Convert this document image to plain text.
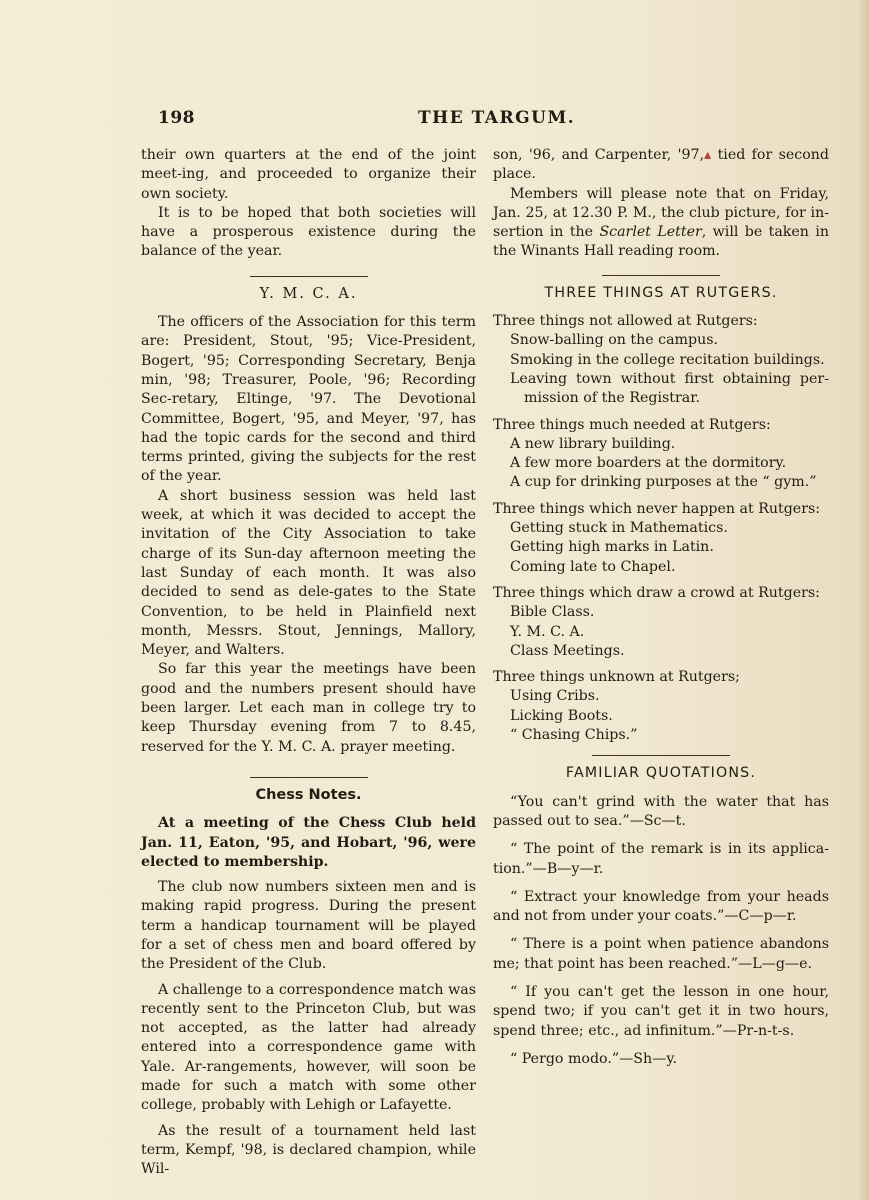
198	THE TARGUM.

their own quarters at the end of the joint meet-ing, and proceeded to organize their own society.

It is to be hoped that both societies will have a prosperous existence during the balance of the year.

Y. M. C. A.

The officers of the Association for this term are: President, Stout, '95; Vice-President, Bogert, '95; Corresponding Secretary, Benja min, '98; Treasurer, Poole, '96; Recording Sec-retary, Eltinge, '97. The Devotional Committee, Bogert, '95, and Meyer, '97, has had the topic cards for the second and third terms printed, giving the subjects for the rest of the year.

A short business session was held last week, at which it was decided to accept the invitation of the City Association to take charge of its Sun-day afternoon meeting the last Sunday of each month. It was also decided to send as dele-gates to the State Convention, to be held in Plainfield next month, Messrs. Stout, Jennings, Mallory, Meyer, and Walters.

So far this year the meetings have been good and the numbers present should have been larger. Let each man in college try to keep Thursday evening from 7 to 8.45, reserved for the Y. M. C. A. prayer meeting.

Chess Notes.

At a meeting of the Chess Club held Jan. 11, Eaton, '95, and Hobart, '96, were elected to membership.

The club now numbers sixteen men and is making rapid progress. During the present term a handicap tournament will be played for a set of chess men and board offered by the President of the Club.

A challenge to a correspondence match was recently sent to the Princeton Club, but was not accepted, as the latter had already entered into a correspondence game with Yale. Ar-rangements, however, will soon be made for such a match with some other college, probably with Lehigh or Lafayette.

As the result of a tournament held last term, Kempf, '98, is declared champion, while Wil-

son, '96, and Carpenter, '97,▴ tied for second place.

Members will please note that on Friday, Jan. 25, at 12.30 P. M., the club picture, for in-sertion in the Scarlet Letter, will be taken in the Winants Hall reading room.

THREE THINGS AT RUTGERS.

Three things not allowed at Rutgers:

Snow-balling on the campus.

Smoking in the college recitation buildings.

Leaving town without first obtaining per-mission of the Registrar.

Three things much needed at Rutgers:

A new library building.

A few more boarders at the dormitory.

A cup for drinking purposes at the “ gym.”

Three things which never happen at Rutgers:

Getting stuck in Mathematics.

Getting high marks in Latin.

Coming late to Chapel.

Three things which draw a crowd at Rutgers:

Bible Class.

Y. M. C. A.

Class Meetings.

Three things unknown at Rutgers;

Using Cribs.

Licking Boots.

“ Chasing Chips.”

FAMILIAR QUOTATIONS.

“You can't grind with the water that has passed out to sea.”—Sc—t.

“ The point of the remark is in its applica-tion.”—B—y—r.

“ Extract your knowledge from your heads and not from under your coats.”—C—p—r.

“ There is a point when patience abandons me; that point has been reached.”—L—g—e.

“ If you can't get the lesson in one hour, spend two; if you can't get it in two hours, spend three; etc., ad infinitum.”—Pr-n-t-s.

“ Pergo modo.”—Sh—y.
